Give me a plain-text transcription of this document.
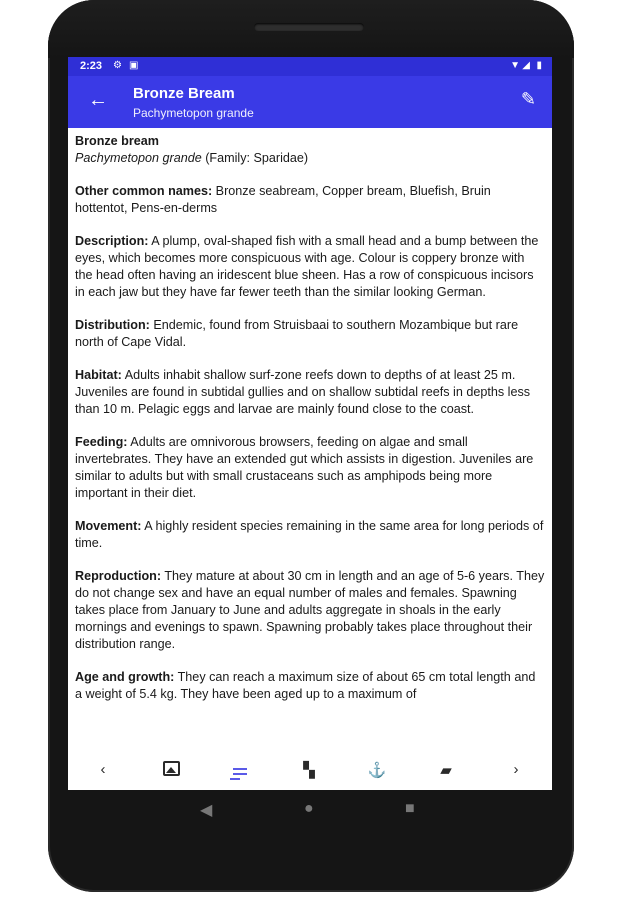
2:23 ⚙ ▣	▼ ◢ ▮
← Bronze Bream
Pachymetopon grande
✎

Bronze bream
Pachymetopon grande (Family: Sparidae)

Other common names: Bronze seabream, Copper bream, Bluefish, Bruin hottentot, Pens-en-derms

Description: A plump, oval-shaped fish with a small head and a bump between the eyes, which becomes more conspicuous with age. Colour is coppery bronze with the head often having an iridescent blue sheen. Has a row of conspicuous incisors in each jaw but they have far fewer teeth than the similar looking German.

Distribution: Endemic, found from Struisbaai to southern Mozambique but rare north of Cape Vidal.

Habitat: Adults inhabit shallow surf-zone reefs down to depths of at least 25 m. Juveniles are found in subtidal gullies and on shallow subtidal reefs in depths less than 10 m. Pelagic eggs and larvae are mainly found close to the coast.

Feeding: Adults are omnivorous browsers, feeding on algae and small invertebrates. They have an extended gut which assists in digestion. Juveniles are similar to adults but with small crustaceans such as amphipods being more important in their diet.

Movement: A highly resident species remaining in the same area for long periods of time.

Reproduction: They mature at about 30 cm in length and an age of 5-6 years. They do not change sex and have an equal number of males and females. Spawning takes place from January to June and adults aggregate in shoals in the early mornings and evenings to spawn. Spawning probably takes place throughout their distribution range.

Age and growth: They can reach a maximum size of about 65 cm total length and a weight of 5.4 kg. They have been aged up to a maximum of

‹	▚	⚓	▰	›
◀	●	■
